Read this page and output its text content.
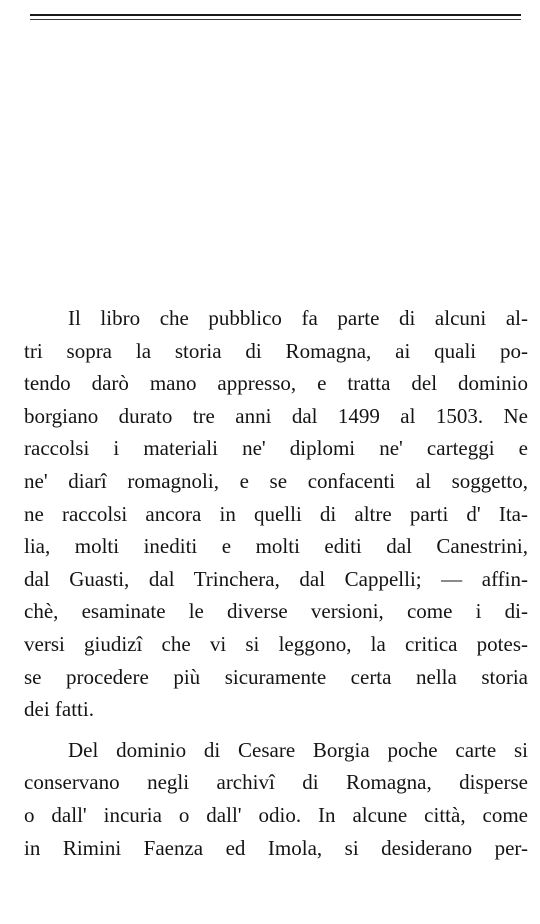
Il libro che pubblico fa parte di alcuni al-
tri sopra la storia di Romagna, ai quali po-
tendo darò mano appresso, e tratta del dominio
borgiano durato tre anni dal 1499 al 1503. Ne
raccolsi i materiali ne' diplomi ne' carteggi e
ne' diarî romagnoli, e se confacenti al soggetto,
ne raccolsi ancora in quelli di altre parti d' Ita-
lia, molti inediti e molti editi dal Canestrini,
dal Guasti, dal Trinchera, dal Cappelli; — affin-
chè, esaminate le diverse versioni, come i di-
versi giudizî che vi si leggono, la critica potes-
se procedere più sicuramente certa nella storia
dei fatti.
Del dominio di Cesare Borgia poche carte si
conservano negli archivî di Romagna, disperse
o dall' incuria o dall' odio. In alcune città, come
in Rimini Faenza ed Imola, si desiderano per-
